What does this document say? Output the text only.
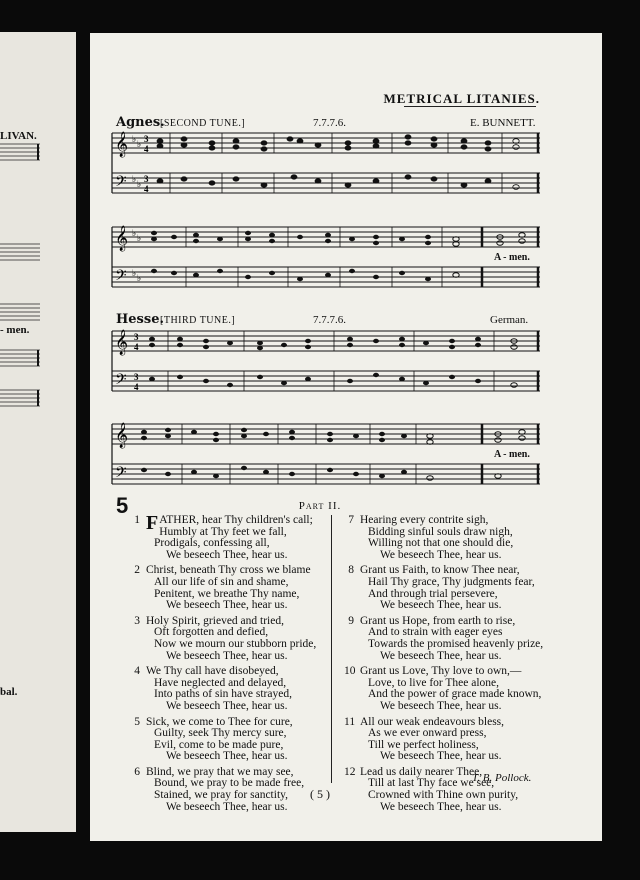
LIVAN.
- men.
bal.
METRICAL LITANIES.
Agnes.
[SECOND TUNE.]	7.7.7.6.	E. BUNNETT.
𝄞
𝄢
♭ ♭
♭ ♭
3
4
3
4
𝄞
𝄢
♭ ♭
♭ ♭
𝄞
𝄢
3
4
3
4
𝄞
𝄢
A - men.
Hesse.
[THIRD TUNE.]	7.7.7.6.	German.
A - men.
5	Part II.
1 FATHER, hear Thy children's call;
Humbly at Thy feet we fall,
Prodigals, confessing all,
We beseech Thee, hear us.
2 Christ, beneath Thy cross we blame
All our life of sin and shame,
Penitent, we breathe Thy name,
We beseech Thee, hear us.
3 Holy Spirit, grieved and tried,
Oft forgotten and defied,
Now we mourn our stubborn pride,
We beseech Thee, hear us.
4 We Thy call have disobeyed,
Have neglected and delayed,
Into paths of sin have strayed,
We beseech Thee, hear us.
5 Sick, we come to Thee for cure,
Guilty, seek Thy mercy sure,
Evil, come to be made pure,
We beseech Thee, hear us.
6 Blind, we pray that we may see,
Bound, we pray to be made free,
Stained, we pray for sanctity,
We beseech Thee, hear us.
7 Hearing every contrite sigh,
Bidding sinful souls draw nigh,
Willing not that one should die,
We beseech Thee, hear us.
8 Grant us Faith, to know Thee near,
Hail Thy grace, Thy judgments fear,
And through trial persevere,
We beseech Thee, hear us.
9 Grant us Hope, from earth to rise,
And to strain with eager eyes
Towards the promised heavenly prize,
We beseech Thee, hear us.
10 Grant us Love, Thy love to own,—
Love, to live for Thee alone,
And the power of grace made known,
We beseech Thee, hear us.
11 All our weak endeavours bless,
As we ever onward press,
Till we perfect holiness,
We beseech Thee, hear us.
12 Lead us daily nearer Thee,
Till at last Thy face we see,
Crowned with Thine own purity,
We beseech Thee, hear us.
T. B. Pollock.
( 5 )
